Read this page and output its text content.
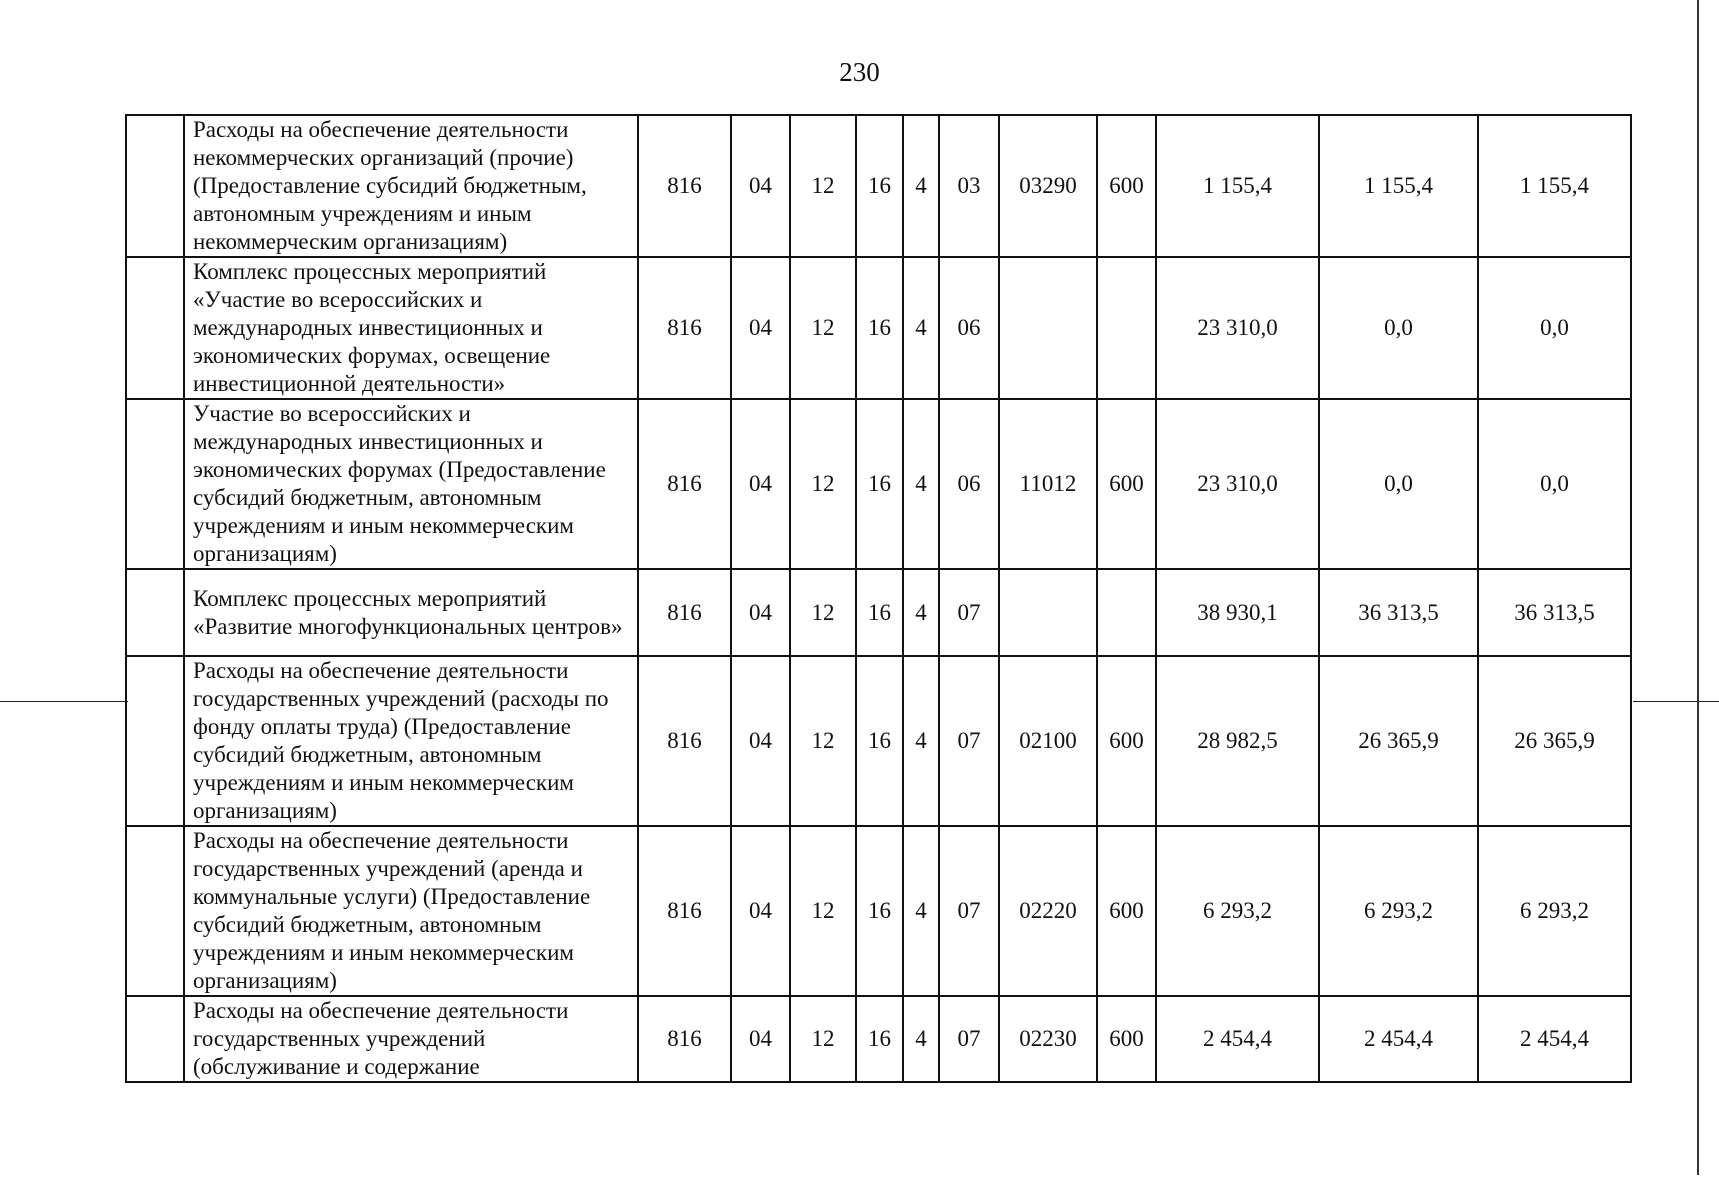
230
	Расходы на обеспечение деятельности некоммерческих организаций (прочие) (Предоставление субсидий бюджетным, автономным учреждениям и иным некоммерческим организациям)	816	04	12	16	4	03	03290	600	1 155,4	1 155,4	1 155,4
	Комплекс процессных мероприятий «Участие во всероссийских и международных инвестиционных и экономических форумах, освещение инвестиционной деятельности»	816	04	12	16	4	06			23 310,0	0,0	0,0
	Участие во всероссийских и международных инвестиционных и экономических форумах (Предоставление субсидий бюджетным, автономным учреждениям и иным некоммерческим организациям)	816	04	12	16	4	06	11012	600	23 310,0	0,0	0,0
	Комплекс процессных мероприятий «Развитие многофункциональных центров»	816	04	12	16	4	07			38 930,1	36 313,5	36 313,5
	Расходы на обеспечение деятельности государственных учреждений (расходы по фонду оплаты труда) (Предоставление субсидий бюджетным, автономным учреждениям и иным некоммерческим организациям)	816	04	12	16	4	07	02100	600	28 982,5	26 365,9	26 365,9
	Расходы на обеспечение деятельности государственных учреждений (аренда и коммунальные услуги) (Предоставление субсидий бюджетным, автономным учреждениям и иным некоммерческим организациям)	816	04	12	16	4	07	02220	600	6 293,2	6 293,2	6 293,2
	Расходы на обеспечение деятельности государственных учреждений (обслуживание и содержание	816	04	12	16	4	07	02230	600	2 454,4	2 454,4	2 454,4
